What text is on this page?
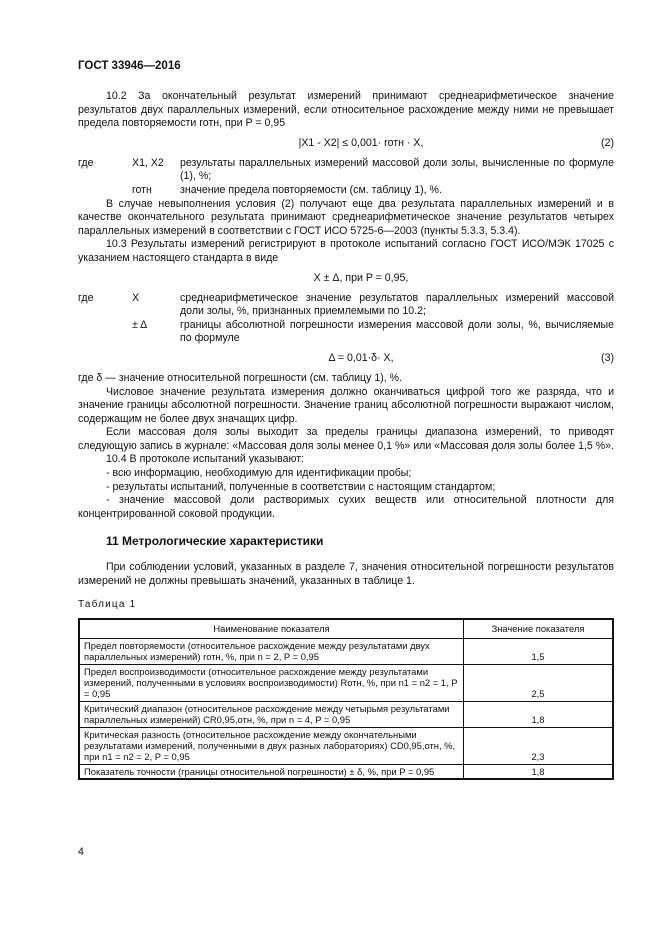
ГОСТ 33946—2016

10.2 За окончательный результат измерений принимают среднеарифметическое значение результатов двух параллельных измерений, если относительное расхождение между ними не превышает предела повторяемости rотн, при P = 0,95

|X1 - X2| ≤ 0,001· rотн · X,	(2)
где	X1, X2	результаты параллельных измерений массовой доли золы, вычисленные по формуле (1), %;
rотн	значение предела повторяемости (см. таблицу 1), %.

В случае невыполнения условия (2) получают еще два результата параллельных измерений и в качестве окончательного результата принимают среднеарифметическое значение результатов четырех параллельных измерений в соответствии с ГОСТ ИСО 5725-6—2003 (пункты 5.3.3, 5.3.4).

10.3 Результаты измерений регистрируют в протоколе испытаний согласно ГОСТ ИСО/МЭК 17025 с указанием настоящего стандарта в виде

X ± Δ, при P = 0,95,
где	X	среднеарифметическое значение результатов параллельных измерений массовой доли золы, %, признанных приемлемыми по 10.2;
± Δ	границы абсолютной погрешности измерения массовой доли золы, %, вычисляемые по формуле
Δ = 0,01·δ· X,	(3)

где δ — значение относительной погрешности (см. таблицу 1), %.

Числовое значение результата измерения должно оканчиваться цифрой того же разряда, что и значение границы абсолютной погрешности. Значение границ абсолютной погрешности выражают числом, содержащим не более двух значащих цифр.

Если массовая доля золы выходит за пределы границы диапазона измерений, то приводят следующую запись в журнале: «Массовая доля золы менее 0,1 %» или «Массовая доля золы более 1,5 %».

10.4 В протоколе испытаний указывают:

- всю информацию, необходимую для идентификации пробы;

- результаты испытаний, полученные в соответствии с настоящим стандартом;

- значение массовой доли растворимых сухих веществ или относительной плотности для концентрированной соковой продукции.

11 Метрологические характеристики

При соблюдении условий, указанных в разделе 7, значения относительной погрешности результатов измерений не должны превышать значений, указанных в таблице 1.

Таблица 1
Наименование показателя	Значение показателя
Предел повторяемости (относительное расхождение между результатами двух параллельных измерений) rотн, %, при n = 2, P = 0,95	1,5
Предел воспроизводимости (относительное расхождение между результатами измерений, полученными в условиях воспроизводимости) Rотн, %, при n1 = n2 = 1, P = 0,95	2,5
Критический диапазон (относительное расхождение между четырьмя результатами параллельных измерений) CR0,95,отн, %, при n = 4, P = 0,95	1,8
Критическая разность (относительное расхождение между окончательными результатами измерений, полученными в двух разных лабораториях) CD0,95,отн, %, при n1 = n2 = 2, P = 0,95	2,3
Показатель точности (границы относительной погрешности) ± δ, %, при P = 0,95	1,8
4
